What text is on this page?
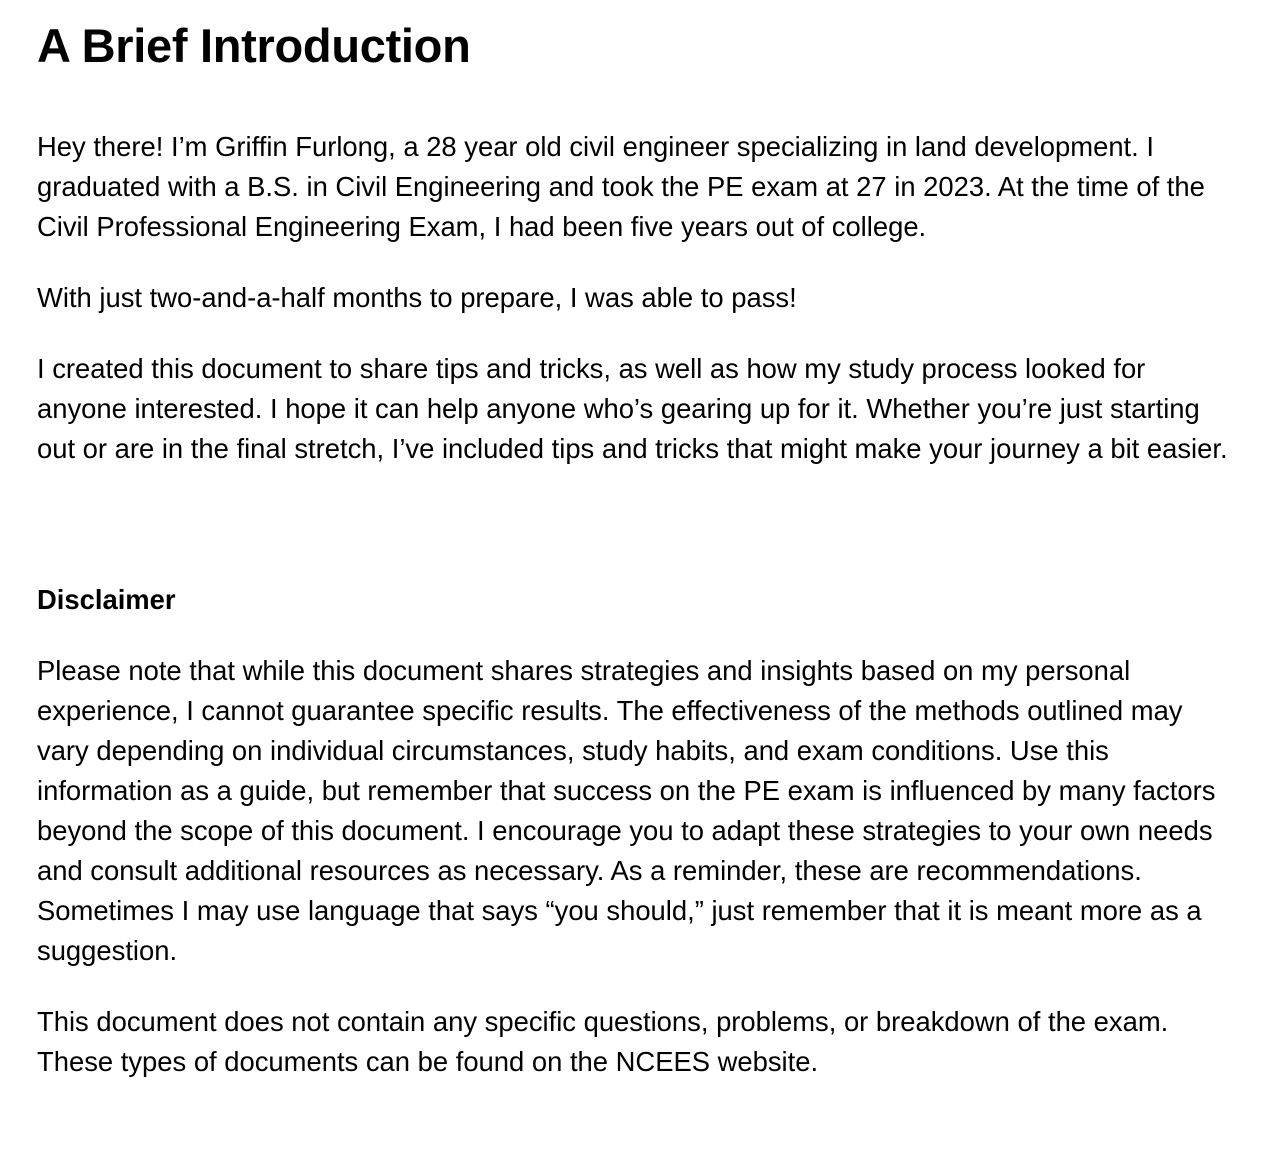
A Brief Introduction

Hey there! I’m Griffin Furlong, a 28 year old civil engineer specializing in land development. I graduated with a B.S. in Civil Engineering and took the PE exam at 27 in 2023. At the time of the Civil Professional Engineering Exam, I had been five years out of college.

With just two-and-a-half months to prepare, I was able to pass!

I created this document to share tips and tricks, as well as how my study process looked for anyone interested. I hope it can help anyone who’s gearing up for it. Whether you’re just starting out or are in the final stretch, I’ve included tips and tricks that might make your journey a bit easier.

Disclaimer

Please note that while this document shares strategies and insights based on my personal experience, I cannot guarantee specific results. The effectiveness of the methods outlined may vary depending on individual circumstances, study habits, and exam conditions. Use this information as a guide, but remember that success on the PE exam is influenced by many factors beyond the scope of this document. I encourage you to adapt these strategies to your own needs and consult additional resources as necessary. As a reminder, these are recommendations. Sometimes I may use language that says “you should,” just remember that it is meant more as a suggestion.

This document does not contain any specific questions, problems, or breakdown of the exam. These types of documents can be found on the NCEES website.
